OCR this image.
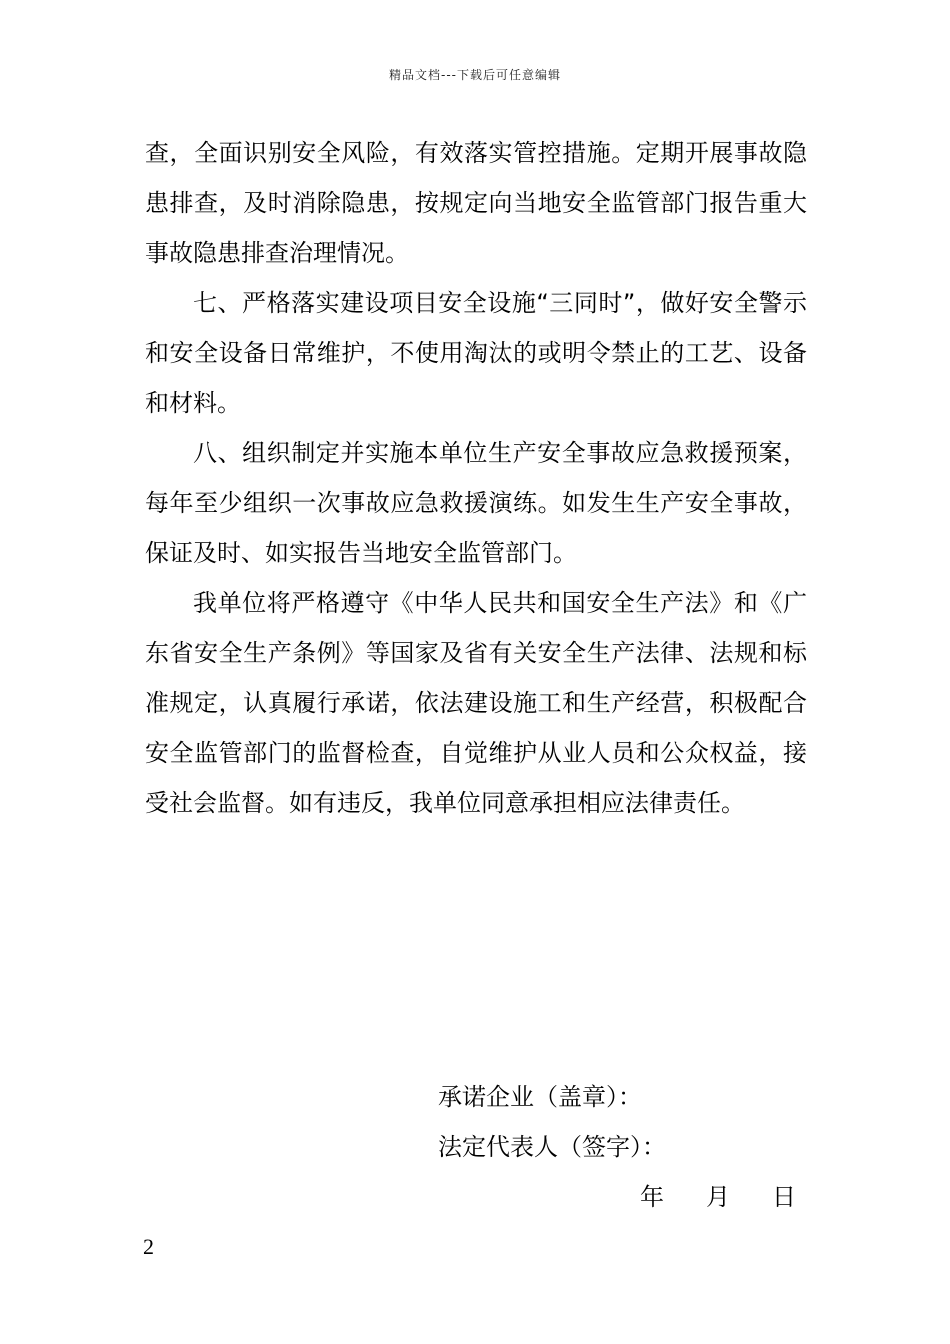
精品文档---下载后可任意编辑

查，全面识别安全风险，有效落实管控措施。定期开展事故隐患排查，及时消除隐患，按规定向当地安全监管部门报告重大事故隐患排查治理情况。

七、严格落实建设项目安全设施“三同时”，做好安全警示和安全设备日常维护，不使用淘汰的或明令禁止的工艺、设备和材料。

八、组织制定并实施本单位生产安全事故应急救援预案，每年至少组织一次事故应急救援演练。如发生生产安全事故，保证及时、如实报告当地安全监管部门。

我单位将严格遵守《中华人民共和国安全生产法》和《广东省安全生产条例》等国家及省有关安全生产法律、法规和标准规定，认真履行承诺，依法建设施工和生产经营，积极配合安全监管部门的监督检查，自觉维护从业人员和公众权益，接受社会监督。如有违反，我单位同意承担相应法律责任。

承诺企业（盖章）：
法定代表人（签字）：
年	月	日
2
